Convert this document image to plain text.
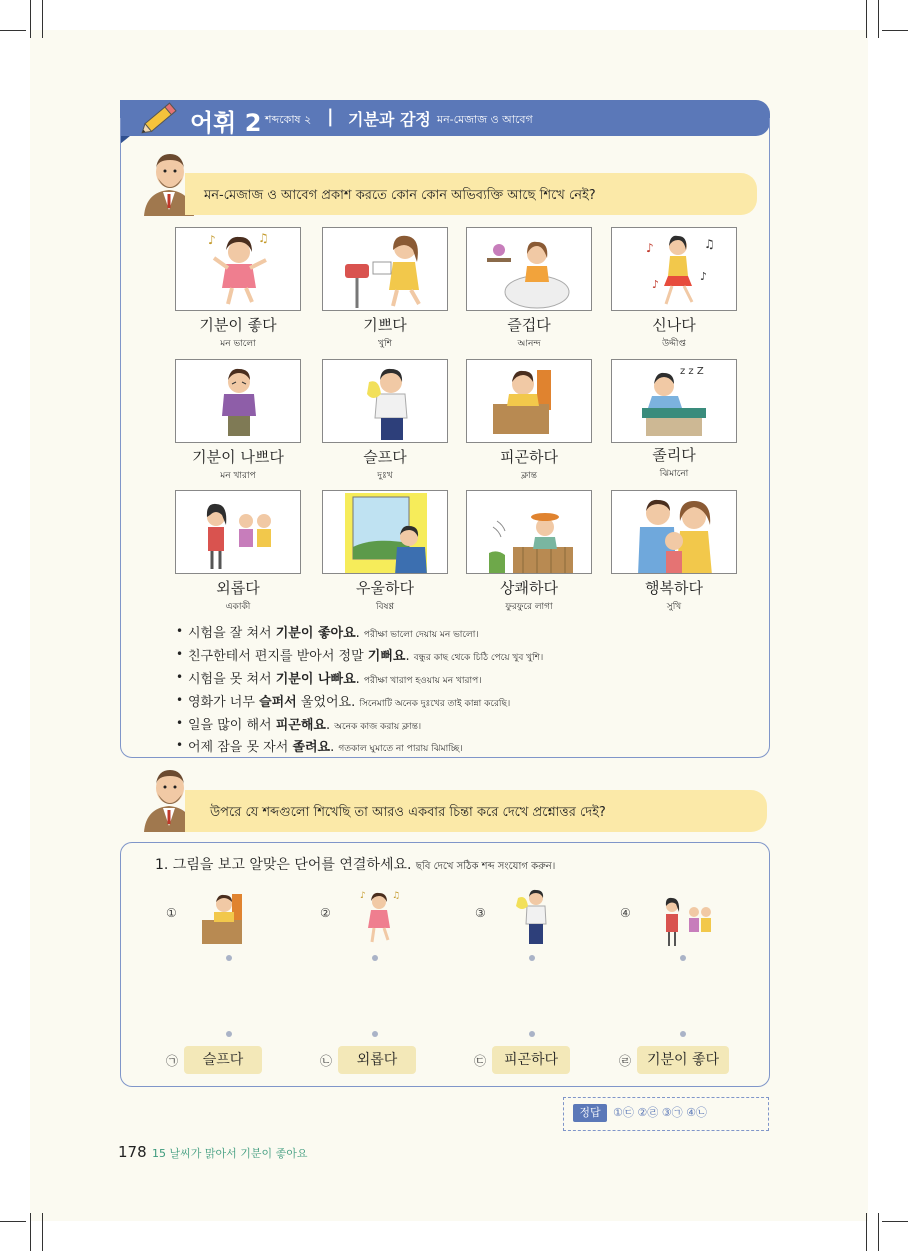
어휘 2 শব্দকোষ ২ | 기분과 감정 মন-মেজাজ ও আবেগ
মন-মেজাজ ও আবেগ প্রকাশ করতে কোন কোন অভিব্যক্তি আছে শিখে নেই?
♪	♫
♪	♫
♪
♪
기분이 좋다
মন ভালো
기쁘다
খুশি
즐겁다
আনন্দ
신나다
উদ্দীপ্ত
z z Z
기분이 나쁘다
মন খারাপ
슬프다
দুঃখ
피곤하다
ক্লান্ত
졸리다
ঝিমানো
외롭다
একাকী
우울하다
বিষণ্ণ
상쾌하다
ফুরফুরে লাগা
행복하다
সুখি
• 시험을 잘 쳐서 기분이 좋아요. পরীক্ষা ভালো দেয়ায় মন ভালো।
• 친구한테서 편지를 받아서 정말 기뻐요. বন্ধুর কাছ থেকে চিঠি পেয়ে খুব খুশি।
• 시험을 못 쳐서 기분이 나빠요. পরীক্ষা খারাপ হওয়ায় মন খারাপ।
• 영화가 너무 슬퍼서 울었어요. সিনেমাটি অনেক দুঃখের তাই কান্না করেছি।
• 일을 많이 해서 피곤해요. অনেক কাজ করায় ক্লান্ত।
• 어제 잠을 못 자서 졸려요. গতকাল ঘুমাতে না পারায় ঝিমাচ্ছি।
উপরে যে শব্দগুলো শিখেছি তা আরও একবার চিন্তা করে দেখে প্রশ্নোত্তর দেই?
1. 그림을 보고 알맞은 단어를 연결하세요. ছবি দেখে সঠিক শব্দ সংযোগ করুন।
①	②	③	④
♪	♫
㉠	슬프다	㉡	외롭다	㉢	피곤하다	㉣	기분이 좋다
정답	①㉢ ②㉣ ③㉠ ④㉡
178 15 날씨가 맑아서 기분이 좋아요
